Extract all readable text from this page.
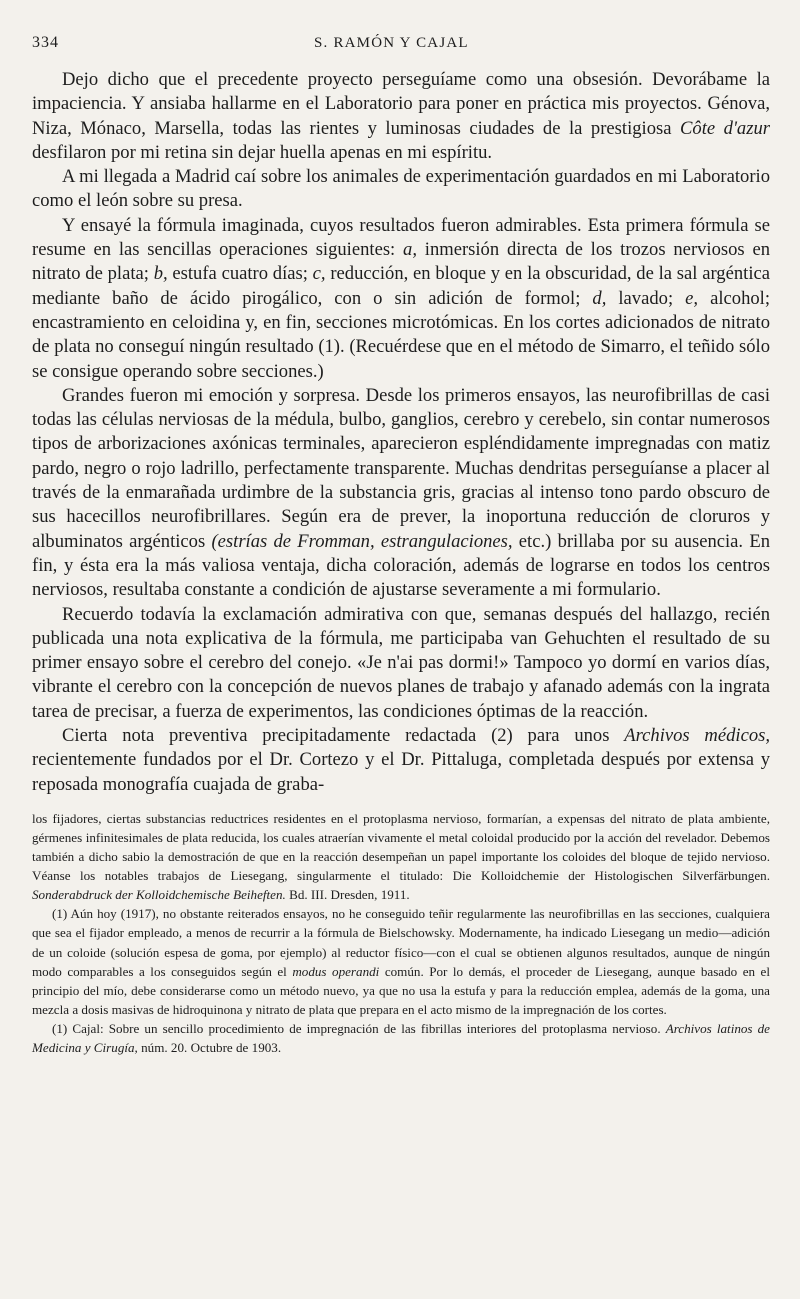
334	S. RAMÓN Y CAJAL

Dejo dicho que el precedente proyecto perseguíame como una obsesión. Devorábame la impaciencia. Y ansiaba hallarme en el Laboratorio para poner en práctica mis proyectos. Génova, Niza, Mónaco, Marsella, todas las rientes y luminosas ciudades de la prestigiosa Côte d'azur desfilaron por mi retina sin dejar huella apenas en mi espíritu.

A mi llegada a Madrid caí sobre los animales de experimentación guardados en mi Laboratorio como el león sobre su presa.

Y ensayé la fórmula imaginada, cuyos resultados fueron admirables. Esta primera fórmula se resume en las sencillas operaciones siguientes: a, inmersión directa de los trozos nerviosos en nitrato de plata; b, estufa cuatro días; c, reducción, en bloque y en la obscuridad, de la sal argéntica mediante baño de ácido pirogálico, con o sin adición de formol; d, lavado; e, alcohol; encastramiento en celoidina y, en fin, secciones microtómicas. En los cortes adicionados de nitrato de plata no conseguí ningún resultado (1). (Recuérdese que en el método de Simarro, el teñido sólo se consigue operando sobre secciones.)

Grandes fueron mi emoción y sorpresa. Desde los primeros ensayos, las neurofibrillas de casi todas las células nerviosas de la médula, bulbo, ganglios, cerebro y cerebelo, sin contar numerosos tipos de arborizaciones axónicas terminales, aparecieron espléndidamente impregnadas con matiz pardo, negro o rojo ladrillo, perfectamente transparente. Muchas dendritas perseguíanse a placer al través de la enmarañada urdimbre de la substancia gris, gracias al intenso tono pardo obscuro de sus hacecillos neurofibrillares. Según era de prever, la inoportuna reducción de cloruros y albuminatos argénticos (estrías de Fromman, estrangulaciones, etc.) brillaba por su ausencia. En fin, y ésta era la más valiosa ventaja, dicha coloración, además de lograrse en todos los centros nerviosos, resultaba constante a condición de ajustarse severamente a mi formulario.

Recuerdo todavía la exclamación admirativa con que, semanas después del hallazgo, recién publicada una nota explicativa de la fórmula, me participaba van Gehuchten el resultado de su primer ensayo sobre el cerebro del conejo. «Je n'ai pas dormi!» Tampoco yo dormí en varios días, vibrante el cerebro con la concepción de nuevos planes de trabajo y afanado además con la ingrata tarea de precisar, a fuerza de experimentos, las condiciones óptimas de la reacción.

Cierta nota preventiva precipitadamente redactada (2) para unos Archivos médicos, recientemente fundados por el Dr. Cortezo y el Dr. Pittaluga, completada después por extensa y reposada monografía cuajada de graba-

los fijadores, ciertas substancias reductrices residentes en el protoplasma nervioso, formarían, a expensas del nitrato de plata ambiente, gérmenes infinitesimales de plata reducida, los cuales atraerían vivamente el metal coloidal producido por la acción del revelador. Debemos también a dicho sabio la demostración de que en la reacción desempeñan un papel importante los coloides del bloque de tejido nervioso. Véanse los notables trabajos de Liesegang, singularmente el titulado: Die Kolloidchemie der Histologischen Silverfärbungen. Sonderabdruck der Kolloidchemische Beiheften. Bd. III. Dresden, 1911.

(1) Aún hoy (1917), no obstante reiterados ensayos, no he conseguido teñir regularmente las neurofibrillas en las secciones, cualquiera que sea el fijador empleado, a menos de recurrir a la fórmula de Bielschowsky. Modernamente, ha indicado Liesegang un medio—adición de un coloide (solución espesa de goma, por ejemplo) al reductor físico—con el cual se obtienen algunos resultados, aunque de ningún modo comparables a los conseguidos según el modus operandi común. Por lo demás, el proceder de Liesegang, aunque basado en el principio del mío, debe considerarse como un método nuevo, ya que no usa la estufa y para la reducción emplea, además de la goma, una mezcla a dosis masivas de hidroquinona y nitrato de plata que prepara en el acto mismo de la impregnación de los cortes.

(1) Cajal: Sobre un sencillo procedimiento de impregnación de las fibrillas interiores del protoplasma nervioso. Archivos latinos de Medicina y Cirugía, núm. 20. Octubre de 1903.
